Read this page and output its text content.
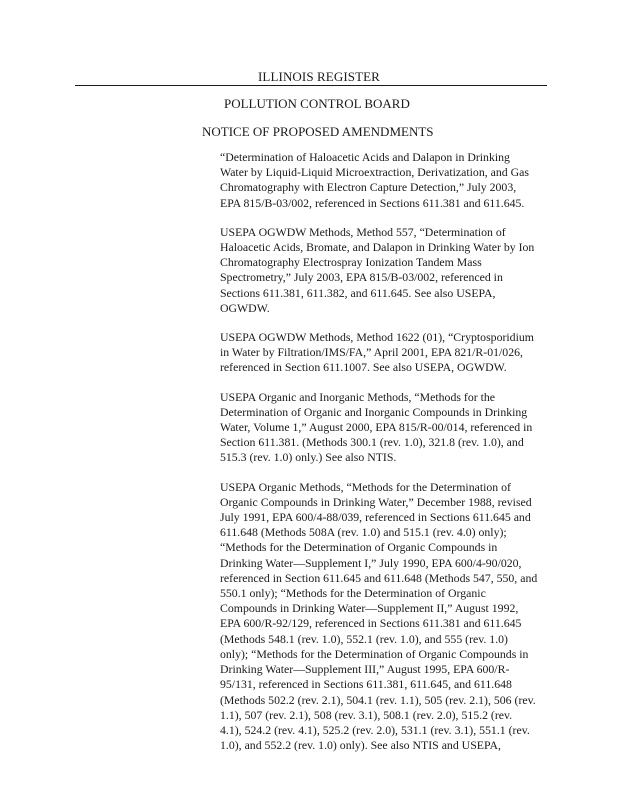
ILLINOIS REGISTER
POLLUTION CONTROL BOARD
NOTICE OF PROPOSED AMENDMENTS
“Determination of Haloacetic Acids and Dalapon in Drinking
Water by Liquid-Liquid Microextraction, Derivatization, and Gas
Chromatography with Electron Capture Detection,” July 2003,
EPA 815/B-03/002, referenced in Sections 611.381 and 611.645.
USEPA OGWDW Methods, Method 557, “Determination of
Haloacetic Acids, Bromate, and Dalapon in Drinking Water by Ion
Chromatography Electrospray Ionization Tandem Mass
Spectrometry,” July 2003, EPA 815/B-03/002, referenced in
Sections 611.381, 611.382, and 611.645. See also USEPA,
OGWDW.
USEPA OGWDW Methods, Method 1622 (01), “Cryptosporidium
in Water by Filtration/IMS/FA,” April 2001, EPA 821/R-01/026,
referenced in Section 611.1007. See also USEPA, OGWDW.
USEPA Organic and Inorganic Methods, “Methods for the
Determination of Organic and Inorganic Compounds in Drinking
Water, Volume 1,” August 2000, EPA 815/R-00/014, referenced in
Section 611.381. (Methods 300.1 (rev. 1.0), 321.8 (rev. 1.0), and
515.3 (rev. 1.0) only.) See also NTIS.
USEPA Organic Methods, “Methods for the Determination of
Organic Compounds in Drinking Water,” December 1988, revised
July 1991, EPA 600/4-88/039, referenced in Sections 611.645 and
611.648 (Methods 508A (rev. 1.0) and 515.1 (rev. 4.0) only);
“Methods for the Determination of Organic Compounds in
Drinking Water—Supplement I,” July 1990, EPA 600/4-90/020,
referenced in Section 611.645 and 611.648 (Methods 547, 550, and
550.1 only); “Methods for the Determination of Organic
Compounds in Drinking Water—Supplement II,” August 1992,
EPA 600/R-92/129, referenced in Sections 611.381 and 611.645
(Methods 548.1 (rev. 1.0), 552.1 (rev. 1.0), and 555 (rev. 1.0)
only); “Methods for the Determination of Organic Compounds in
Drinking Water—Supplement III,” August 1995, EPA 600/R-
95/131, referenced in Sections 611.381, 611.645, and 611.648
(Methods 502.2 (rev. 2.1), 504.1 (rev. 1.1), 505 (rev. 2.1), 506 (rev.
1.1), 507 (rev. 2.1), 508 (rev. 3.1), 508.1 (rev. 2.0), 515.2 (rev.
4.1), 524.2 (rev. 4.1), 525.2 (rev. 2.0), 531.1 (rev. 3.1), 551.1 (rev.
1.0), and 552.2 (rev. 1.0) only). See also NTIS and USEPA,
